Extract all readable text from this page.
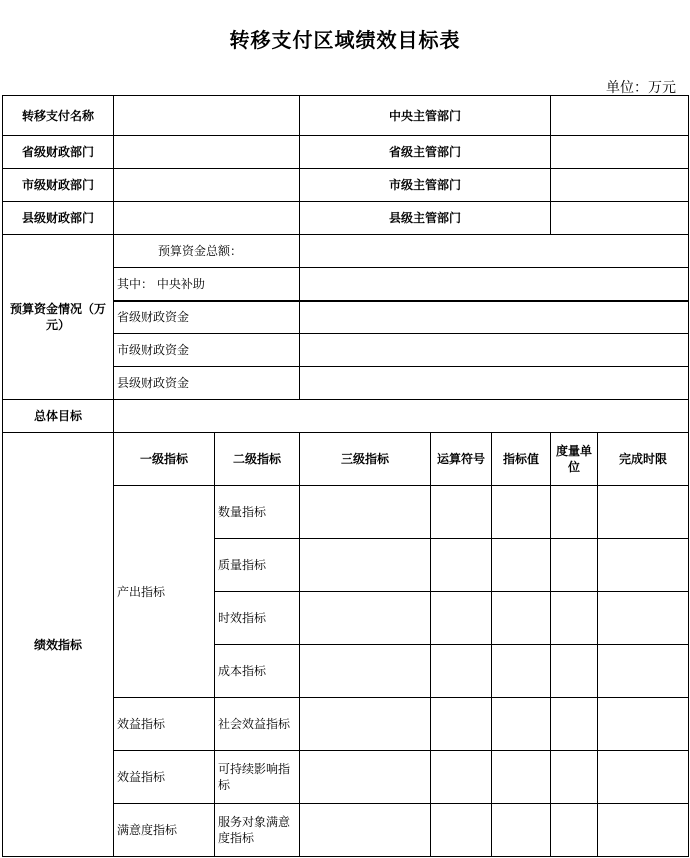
转移支付区域绩效目标表
单位：万元
转移支付名称			中央主管部门				
省级财政部门			省级主管部门				
市级财政部门			市级主管部门				
县级财政部门			县级主管部门				
预算资金情况（万元）	预算资金总额：						
	其中： 中央补助						
	省级财政资金						
	市级财政资金						
	县级财政资金						
总体目标							
绩效指标	一级指标	二级指标	三级指标	运算符号	指标值	度量单位	完成时限
	产出指标	数量指标					
		质量指标					
		时效指标					
		成本指标					
	效益指标	社会效益指标					
	效益指标	可持续影响指标					
	满意度指标	服务对象满意度指标					
